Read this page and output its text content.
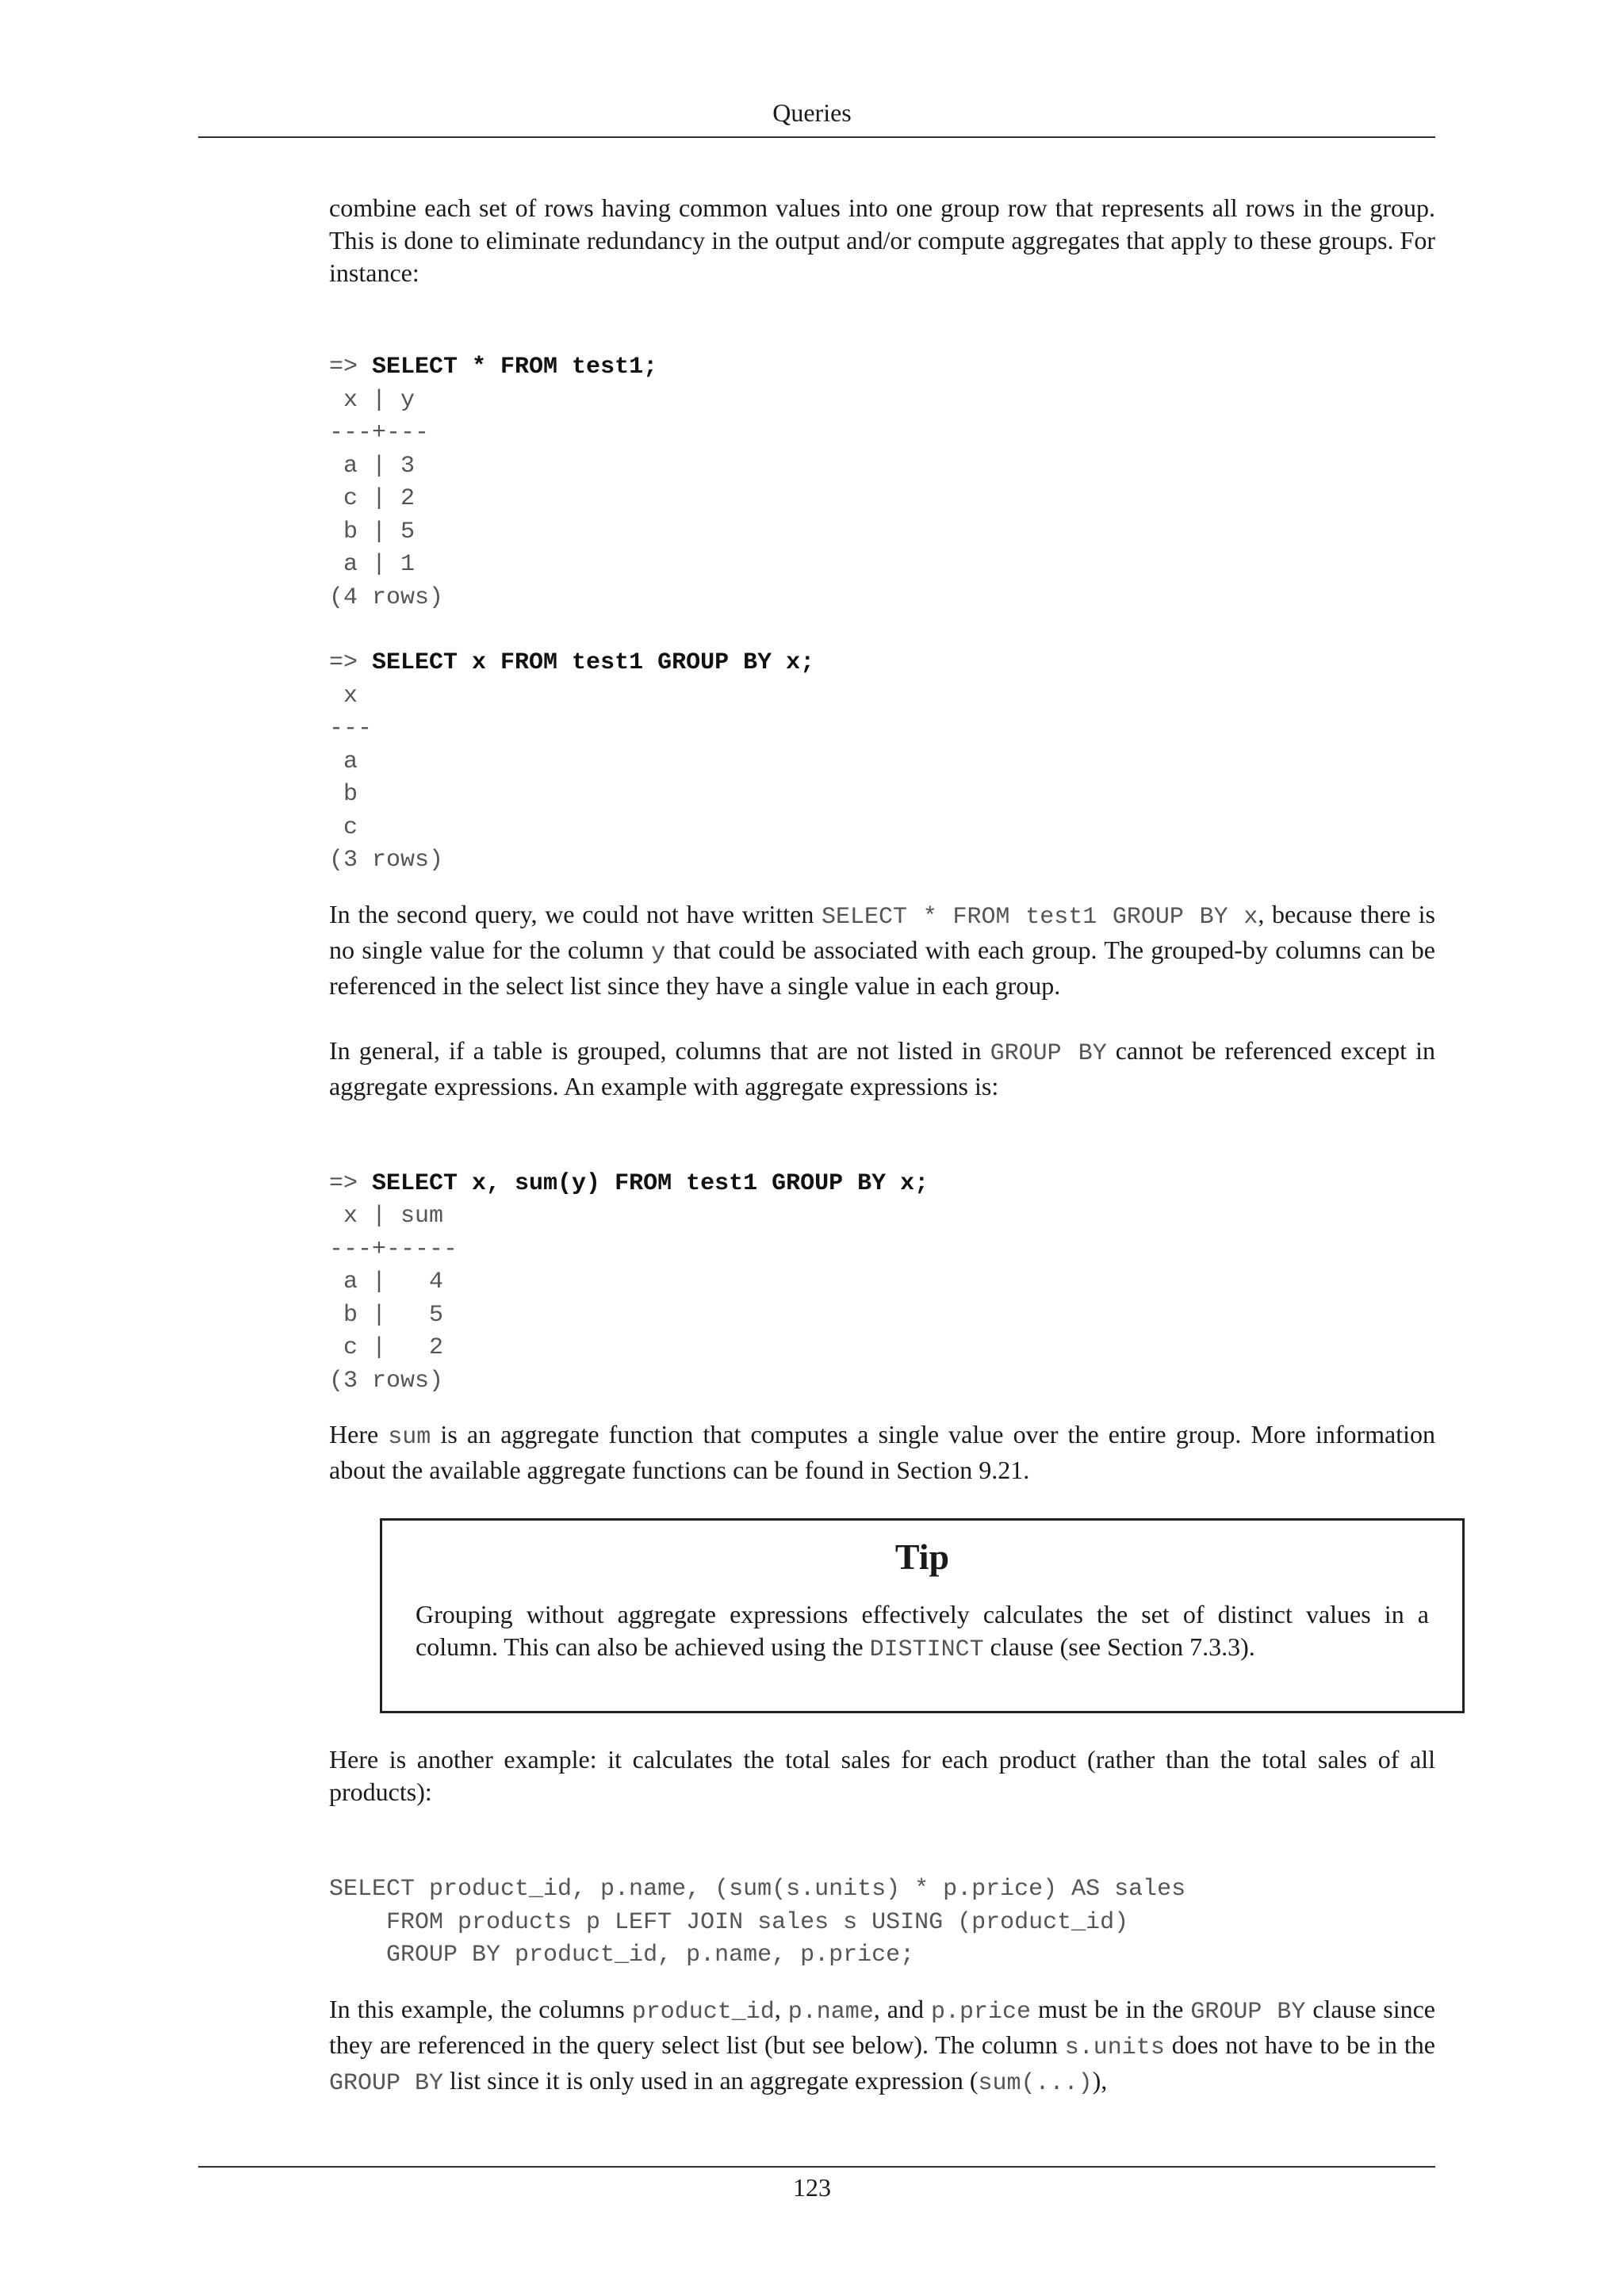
Queries

combine each set of rows having common values into one group row that represents all rows in the group. This is done to eliminate redundancy in the output and/or compute aggregates that apply to these groups. For instance:

=> SELECT * FROM test1;
x | y
---+---
a | 3
c | 2
b | 5
a | 1
(4 rows)
=> SELECT x FROM test1 GROUP BY x;
x
---
a
b
c
(3 rows)

In the second query, we could not have written SELECT * FROM test1 GROUP BY x, because there is no single value for the column y that could be associated with each group. The grouped-by columns can be referenced in the select list since they have a single value in each group.

In general, if a table is grouped, columns that are not listed in GROUP BY cannot be referenced except in aggregate expressions. An example with aggregate expressions is:

=> SELECT x, sum(y) FROM test1 GROUP BY x;
x | sum
---+-----
a |   4
b |   5
c |   2
(3 rows)

Here sum is an aggregate function that computes a single value over the entire group. More information about the available aggregate functions can be found in Section 9.21.

Tip

Grouping without aggregate expressions effectively calculates the set of distinct values in a column. This can also be achieved using the DISTINCT clause (see Section 7.3.3).

Here is another example: it calculates the total sales for each product (rather than the total sales of all products):

SELECT product_id, p.name, (sum(s.units) * p.price) AS sales
FROM products p LEFT JOIN sales s USING (product_id)
GROUP BY product_id, p.name, p.price;

In this example, the columns product_id, p.name, and p.price must be in the GROUP BY clause since they are referenced in the query select list (but see below). The column s.units does not have to be in the GROUP BY list since it is only used in an aggregate expression (sum(...)),

123
